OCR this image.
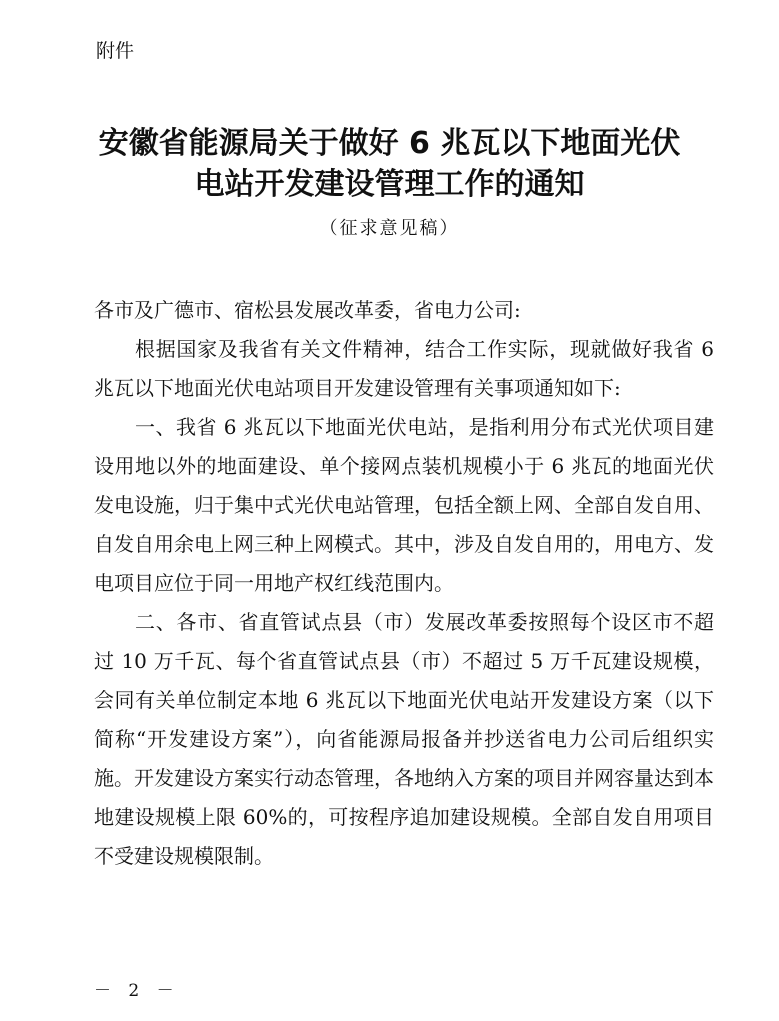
附件
安徽省能源局关于做好 6 兆瓦以下地面光伏
电站开发建设管理工作的通知
（征求意见稿）

各市及广德市、宿松县发展改革委，省电力公司:

根据国家及我省有关文件精神，结合工作实际，现就做好我省 6 兆瓦以下地面光伏电站项目开发建设管理有关事项通知如下:

一、我省 6 兆瓦以下地面光伏电站，是指利用分布式光伏项目建设用地以外的地面建设、单个接网点装机规模小于 6 兆瓦的地面光伏发电设施，归于集中式光伏电站管理，包括全额上网、全部自发自用、自发自用余电上网三种上网模式。其中，涉及自发自用的，用电方、发电项目应位于同一用地产权红线范围内。

二、各市、省直管试点县（市）发展改革委按照每个设区市不超过 10 万千瓦、每个省直管试点县（市）不超过 5 万千瓦建设规模，会同有关单位制定本地 6 兆瓦以下地面光伏电站开发建设方案（以下简称“开发建设方案”），向省能源局报备并抄送省电力公司后组织实施。开发建设方案实行动态管理，各地纳入方案的项目并网容量达到本地建设规模上限 60%的，可按程序追加建设规模。全部自发自用项目不受建设规模限制。

－ 2 －
